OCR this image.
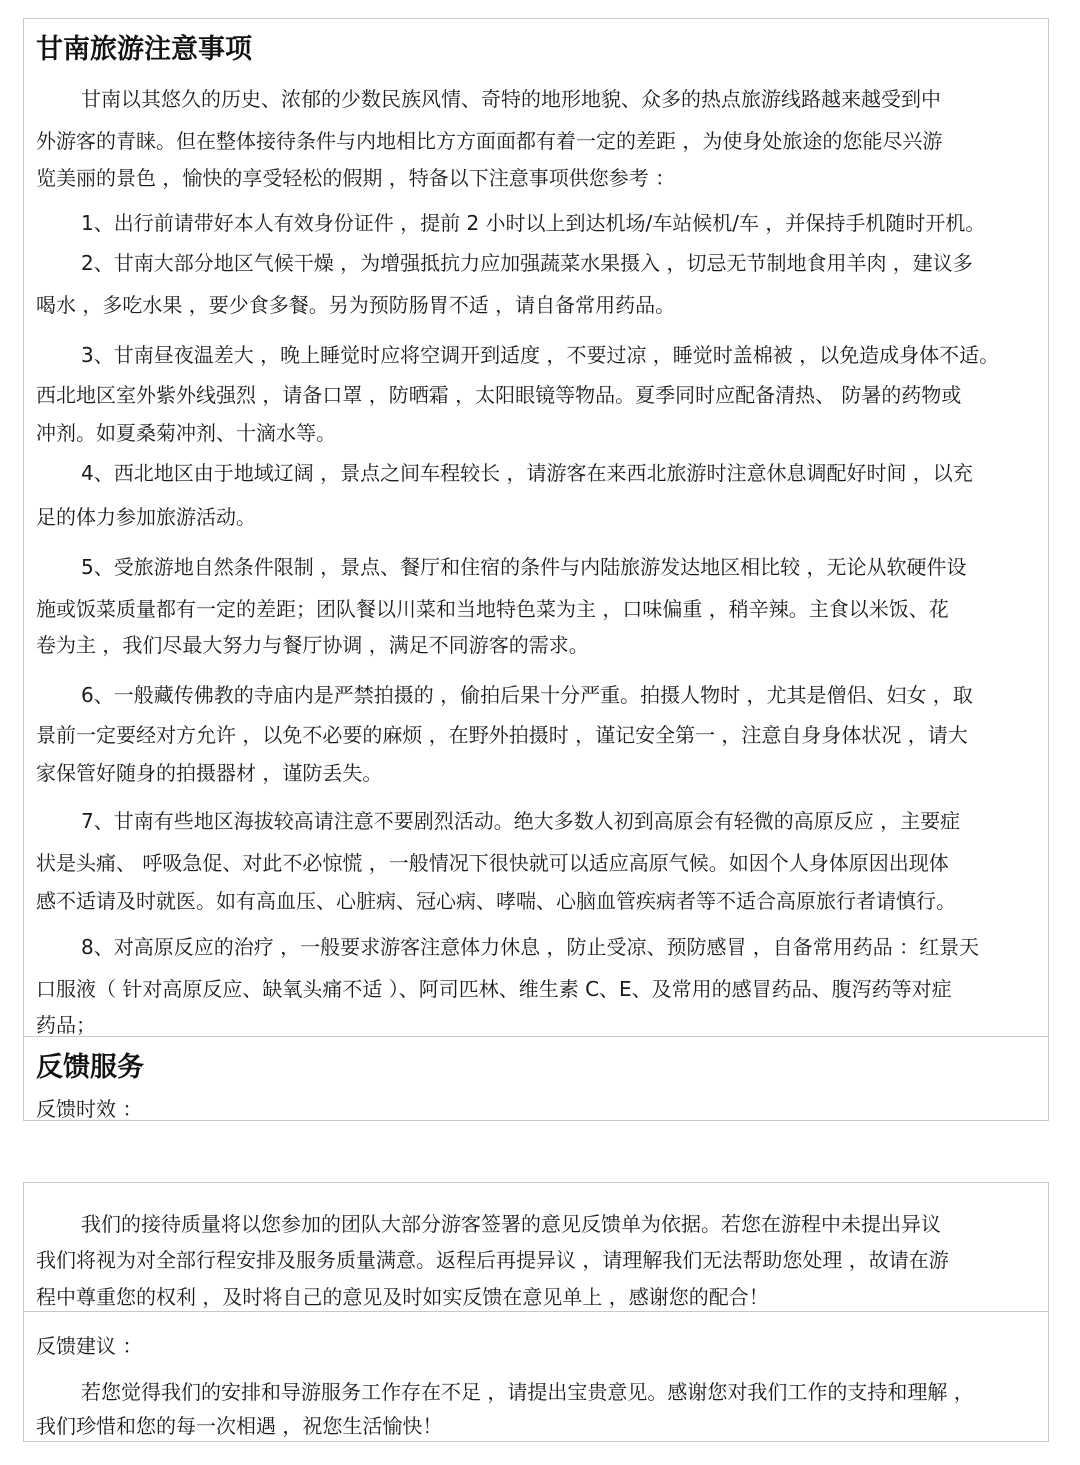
甘南旅游注意事项
反馈服务
反馈时效 ：
甘南以其悠久的历史、浓郁的少数民族风情、奇特的地形地貌、众多的热点旅游线路越来越受到中
外游客的青睐。但在整体接待条件与内地相比方方面面都有着一定的差距 ，为使身处旅途的您能尽兴游
览美丽的景色 ，愉快的享受轻松的假期 ，特备以下注意事项供您参考 ：
1、出行前请带好本人有效身份证件 ，提前 2 小时以上到达机场/车站候机/车 ，并保持手机随时开机。
2、甘南大部分地区气候干燥 ，为增强抵抗力应加强蔬菜水果摄入 ，切忌无节制地食用羊肉 ，建议多
喝水 ，多吃水果 ，要少食多餐。另为预防肠胃不适 ，请自备常用药品。
3、甘南昼夜温差大 ，晚上睡觉时应将空调开到适度 ，不要过凉 ，睡觉时盖棉被 ，以免造成身体不适。
西北地区室外紫外线强烈 ，请备口罩 ，防晒霜 ，太阳眼镜等物品。夏季同时应配备清热、 防暑的药物或
冲剂。如夏桑菊冲剂、十滴水等。
4、西北地区由于地域辽阔 ，景点之间车程较长 ，请游客在来西北旅游时注意休息调配好时间 ，以充
足的体力参加旅游活动。
5、受旅游地自然条件限制 ，景点、餐厅和住宿的条件与内陆旅游发达地区相比较 ，无论从软硬件设
施或饭菜质量都有一定的差距；团队餐以川菜和当地特色菜为主 ，口味偏重 ，稍辛辣。主食以米饭、花
卷为主 ，我们尽最大努力与餐厅协调 ，满足不同游客的需求。
6、一般藏传佛教的寺庙内是严禁拍摄的 ，偷拍后果十分严重。拍摄人物时 ，尤其是僧侣、妇女 ，取
景前一定要经对方允许 ，以免不必要的麻烦 ，在野外拍摄时 ，谨记安全第一 ，注意自身身体状况 ，请大
家保管好随身的拍摄器材 ，谨防丢失。
7、甘南有些地区海拔较高请注意不要剧烈活动。绝大多数人初到高原会有轻微的高原反应 ，主要症
状是头痛、 呼吸急促、对此不必惊慌 ，一般情况下很快就可以适应高原气候。如因个人身体原因出现体
感不适请及时就医。如有高血压、心脏病、冠心病、哮喘、心脑血管疾病者等不适合高原旅行者请慎行。
8、对高原反应的治疗 ，一般要求游客注意体力休息 ，防止受凉、预防感冒 ，自备常用药品 ：红景天
口服液（ 针对高原反应、缺氧头痛不适 ）、阿司匹林、维生素 C、E、及常用的感冒药品、腹泻药等对症
药品；
反馈建议 ：
我们的接待质量将以您参加的团队大部分游客签署的意见反馈单为依据。若您在游程中未提出异议
我们将视为对全部行程安排及服务质量满意。返程后再提异议 ，请理解我们无法帮助您处理 ，故请在游
程中尊重您的权利 ，及时将自己的意见及时如实反馈在意见单上 ，感谢您的配合！
若您觉得我们的安排和导游服务工作存在不足 ，请提出宝贵意见。感谢您对我们工作的支持和理解 ，
我们珍惜和您的每一次相遇 ，祝您生活愉快！
